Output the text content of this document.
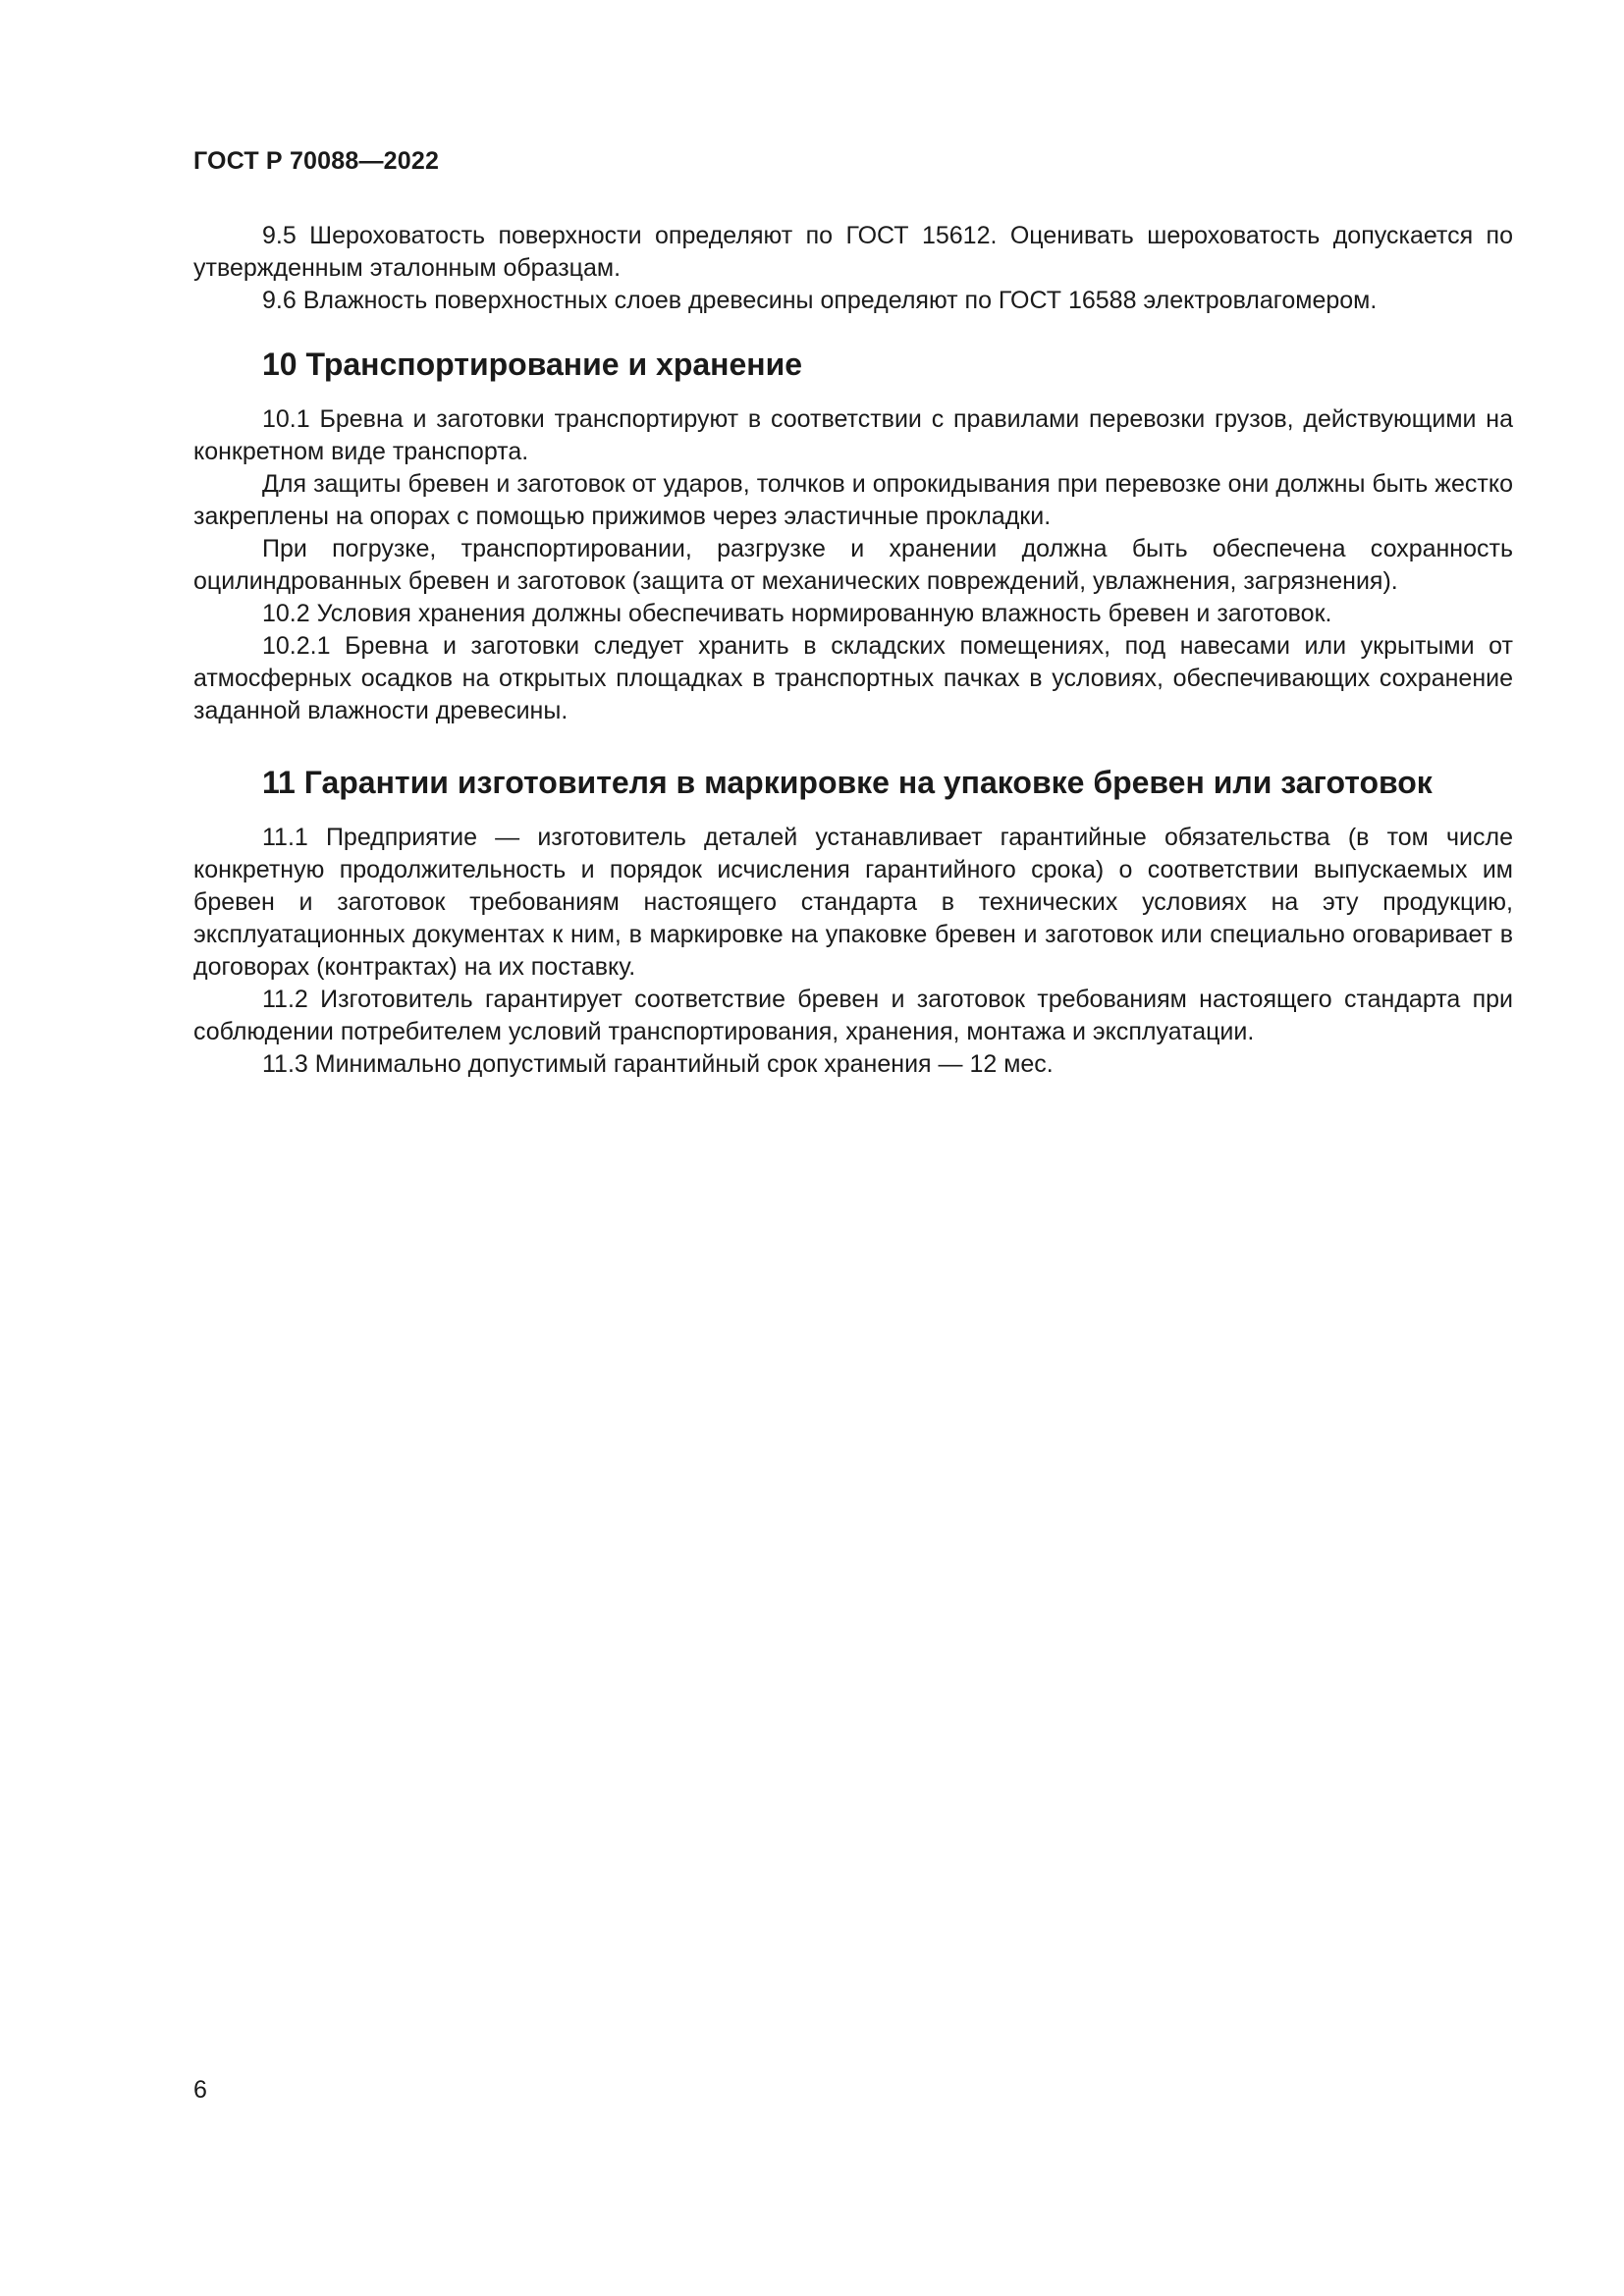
ГОСТ Р 70088—2022

9.5 Шероховатость поверхности определяют по ГОСТ 15612. Оценивать шероховатость допускается по утвержденным эталонным образцам.

9.6 Влажность поверхностных слоев древесины определяют по ГОСТ 16588 электровлагомером.

10 Транспортирование и хранение

10.1 Бревна и заготовки транспортируют в соответствии с правилами перевозки грузов, действующими на конкретном виде транспорта.

Для защиты бревен и заготовок от ударов, толчков и опрокидывания при перевозке они должны быть жестко закреплены на опорах с помощью прижимов через эластичные прокладки.

При погрузке, транспортировании, разгрузке и хранении должна быть обеспечена сохранность оцилиндрованных бревен и заготовок (защита от механических повреждений, увлажнения, загрязнения).

10.2 Условия хранения должны обеспечивать нормированную влажность бревен и заготовок.

10.2.1 Бревна и заготовки следует хранить в складских помещениях, под навесами или укрытыми от атмосферных осадков на открытых площадках в транспортных пачках в условиях, обеспечивающих сохранение заданной влажности древесины.

11 Гарантии изготовителя в маркировке на упаковке бревен или заготовок

11.1 Предприятие — изготовитель деталей устанавливает гарантийные обязательства (в том числе конкретную продолжительность и порядок исчисления гарантийного срока) о соответствии выпускаемых им бревен и заготовок требованиям настоящего стандарта в технических условиях на эту продукцию, эксплуатационных документах к ним, в маркировке на упаковке бревен и заготовок или специально оговаривает в договорах (контрактах) на их поставку.

11.2 Изготовитель гарантирует соответствие бревен и заготовок требованиям настоящего стандарта при соблюдении потребителем условий транспортирования, хранения, монтажа и эксплуатации.

11.3 Минимально допустимый гарантийный срок хранения — 12 мес.

6
